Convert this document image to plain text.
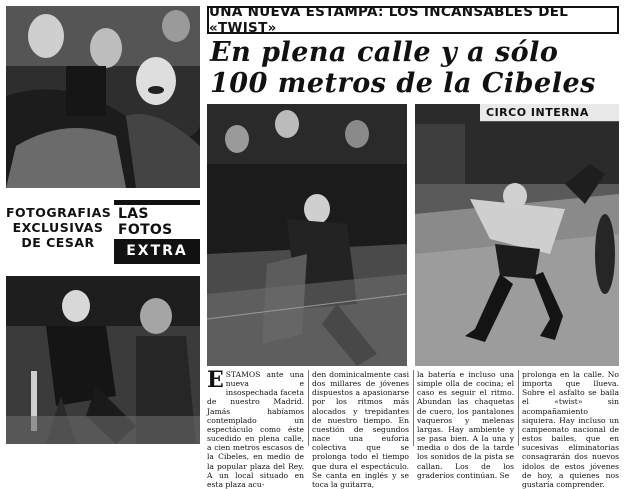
FOTOGRAFIAS
EXCLUSIVAS
DE CESAR
LAS FOTOS
EXTRA
UNA NUEVA ESTAMPA: LOS INCANSABLES DEL «TWIST»
En plena calle y a sólo
100 metros de la Cibeles
CIRCO INTERNA
ESTAMOS ante una nueva e insospechada faceta de nuestro Madrid. Jamás habíamos contemplado un espectáculo como éste sucedido en plena calle, a cien metros escasos de la Cibeles, en medio de la popular plaza del Rey. A un local situado en esta plaza acu-
den dominicalmente casi dos millares de jóvenes dispuestos a apasionarse por los ritmos más alocados y trepidantes de nuestro tiempo. En cuestión de segundos nace una euforia colectiva que se prolonga todo el tiempo que dura el espectáculo. Se canta en inglés y se toca la guitarra,
la batería e incluso una simple olla de cocina; el caso es seguir el ritmo. Abundan las chaquetas de cuero, los pantalones vaqueros y melenas largas. Hay ambiente y se pasa bien. A la una y media o dos de la tarde los sonidos de la pista se callan. Los de los graderíos continúan. Se
prolonga en la calle. No importa que llueva. Sobre el asfalto se baila el «twist» sin acompañamiento siquiera. Hay incluso un campeonato nacional de estos bailes, que en sucesivas eliminatorias consagrarán dos nuevos ídolos de estos jóvenes de hoy, a quienes nos gustaría comprender.
